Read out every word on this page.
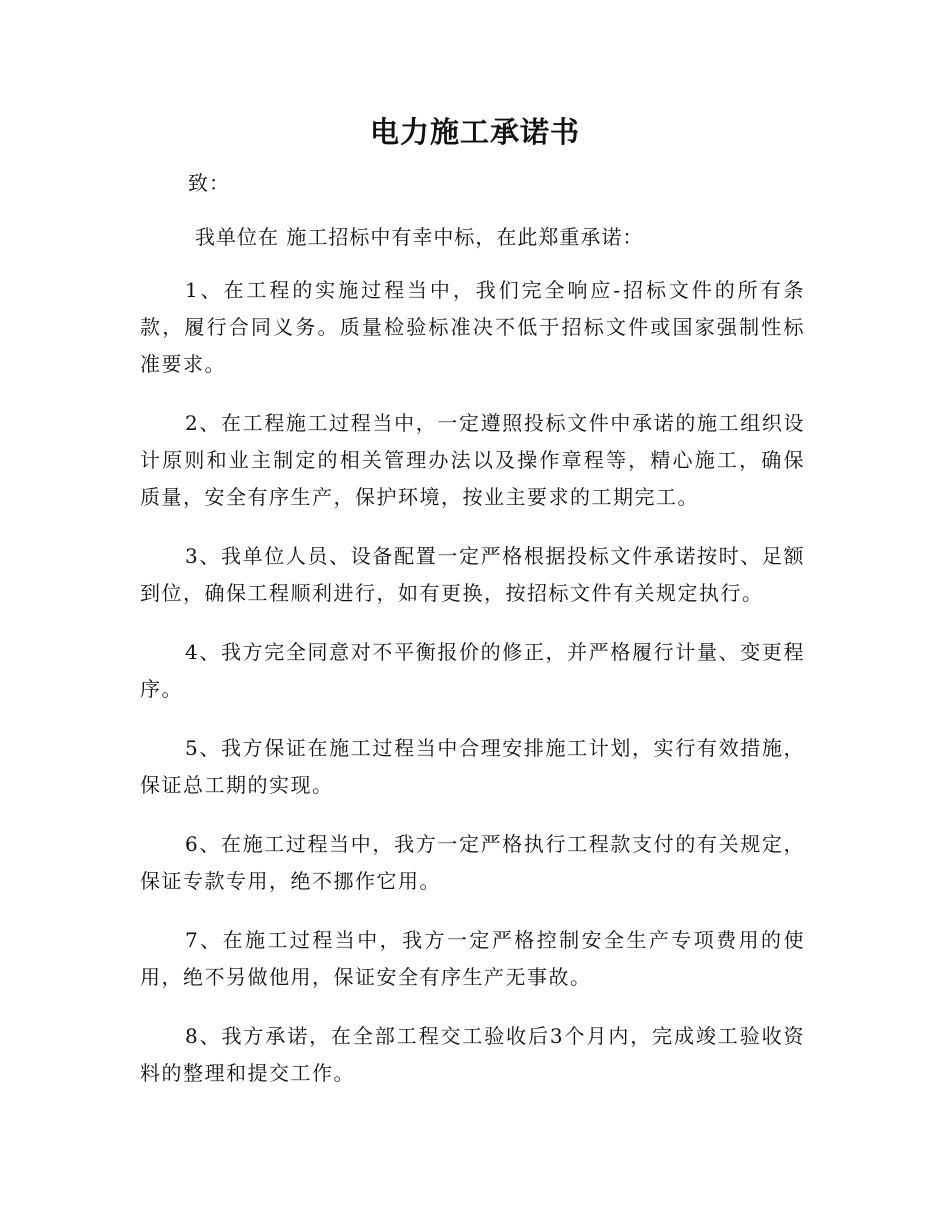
电力施工承诺书
致：
我单位在 施工招标中有幸中标，在此郑重承诺：

1、在工程的实施过程当中，我们完全响应-招标文件的所有条款，履行合同义务。质量检验标准决不低于招标文件或国家强制性标准要求。

2、在工程施工过程当中，一定遵照投标文件中承诺的施工组织设计原则和业主制定的相关管理办法以及操作章程等，精心施工，确保质量，安全有序生产，保护环境，按业主要求的工期完工。

3、我单位人员、设备配置一定严格根据投标文件承诺按时、足额到位，确保工程顺利进行，如有更换，按招标文件有关规定执行。

4、我方完全同意对不平衡报价的修正，并严格履行计量、变更程序。

5、我方保证在施工过程当中合理安排施工计划，实行有效措施，保证总工期的实现。

6、在施工过程当中，我方一定严格执行工程款支付的有关规定，保证专款专用，绝不挪作它用。

7、在施工过程当中，我方一定严格控制安全生产专项费用的使用，绝不另做他用，保证安全有序生产无事故。

8、我方承诺，在全部工程交工验收后3个月内，完成竣工验收资料的整理和提交工作。
